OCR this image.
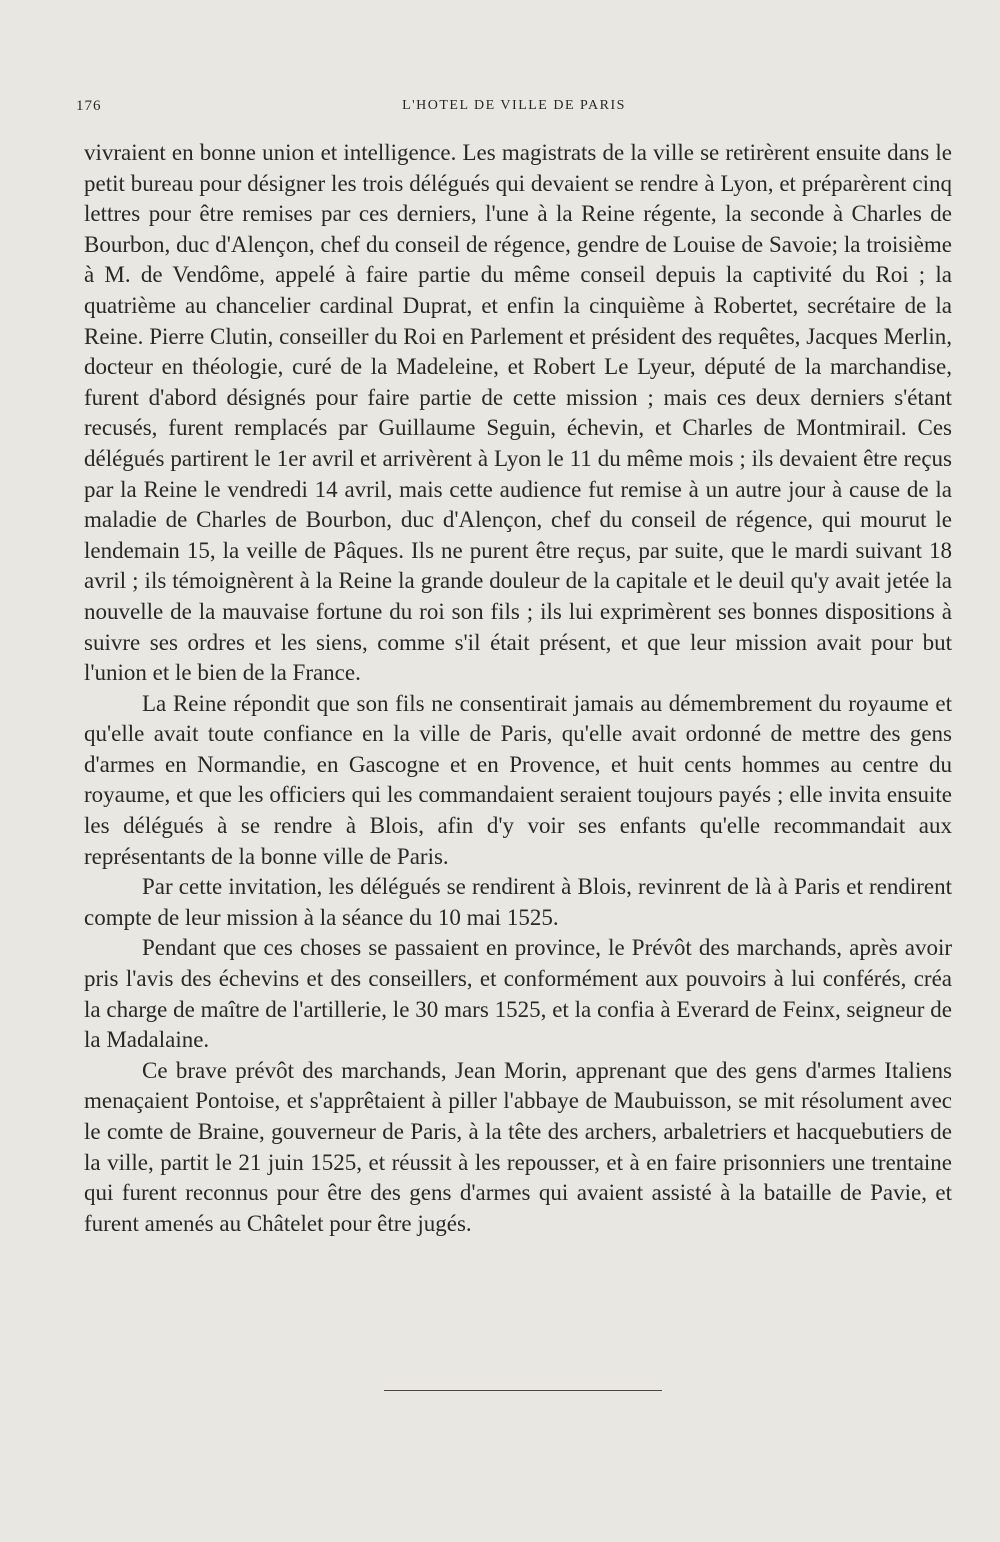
176	L'HOTEL DE VILLE DE PARIS

vivraient en bonne union et intelligence. Les magistrats de la ville se retirèrent ensuite dans le petit bureau pour désigner les trois délégués qui devaient se rendre à Lyon, et préparèrent cinq lettres pour être remises par ces derniers, l'une à la Reine régente, la seconde à Charles de Bourbon, duc d'Alençon, chef du conseil de régence, gendre de Louise de Savoie; la troisième à M. de Vendôme, appelé à faire partie du même conseil depuis la captivité du Roi ; la quatrième au chancelier cardinal Duprat, et enfin la cinquième à Robertet, secrétaire de la Reine. Pierre Clutin, conseiller du Roi en Parlement et président des requêtes, Jacques Merlin, docteur en théologie, curé de la Madeleine, et Robert Le Lyeur, député de la marchandise, furent d'abord désignés pour faire partie de cette mission ; mais ces deux derniers s'étant recusés, furent remplacés par Guillaume Seguin, échevin, et Charles de Montmirail. Ces délégués partirent le 1er avril et arrivèrent à Lyon le 11 du même mois ; ils devaient être reçus par la Reine le vendredi 14 avril, mais cette audience fut remise à un autre jour à cause de la maladie de Charles de Bourbon, duc d'Alençon, chef du conseil de régence, qui mourut le lendemain 15, la veille de Pâques. Ils ne purent être reçus, par suite, que le mardi suivant 18 avril ; ils témoignèrent à la Reine la grande douleur de la capitale et le deuil qu'y avait jetée la nouvelle de la mauvaise fortune du roi son fils ; ils lui exprimèrent ses bonnes dispositions à suivre ses ordres et les siens, comme s'il était présent, et que leur mission avait pour but l'union et le bien de la France.

La Reine répondit que son fils ne consentirait jamais au démembrement du royaume et qu'elle avait toute confiance en la ville de Paris, qu'elle avait ordonné de mettre des gens d'armes en Normandie, en Gascogne et en Provence, et huit cents hommes au centre du royaume, et que les officiers qui les commandaient seraient toujours payés ; elle invita ensuite les délégués à se rendre à Blois, afin d'y voir ses enfants qu'elle recommandait aux représentants de la bonne ville de Paris.

Par cette invitation, les délégués se rendirent à Blois, revinrent de là à Paris et rendirent compte de leur mission à la séance du 10 mai 1525.

Pendant que ces choses se passaient en province, le Prévôt des marchands, après avoir pris l'avis des échevins et des conseillers, et conformément aux pouvoirs à lui conférés, créa la charge de maître de l'artillerie, le 30 mars 1525, et la confia à Everard de Feinx, seigneur de la Madalaine.

Ce brave prévôt des marchands, Jean Morin, apprenant que des gens d'armes Italiens menaçaient Pontoise, et s'apprêtaient à piller l'abbaye de Maubuisson, se mit résolument avec le comte de Braine, gouverneur de Paris, à la tête des archers, arbaletriers et hacquebutiers de la ville, partit le 21 juin 1525, et réussit à les repousser, et à en faire prisonniers une trentaine qui furent reconnus pour être des gens d'armes qui avaient assisté à la bataille de Pavie, et furent amenés au Châtelet pour être jugés.
